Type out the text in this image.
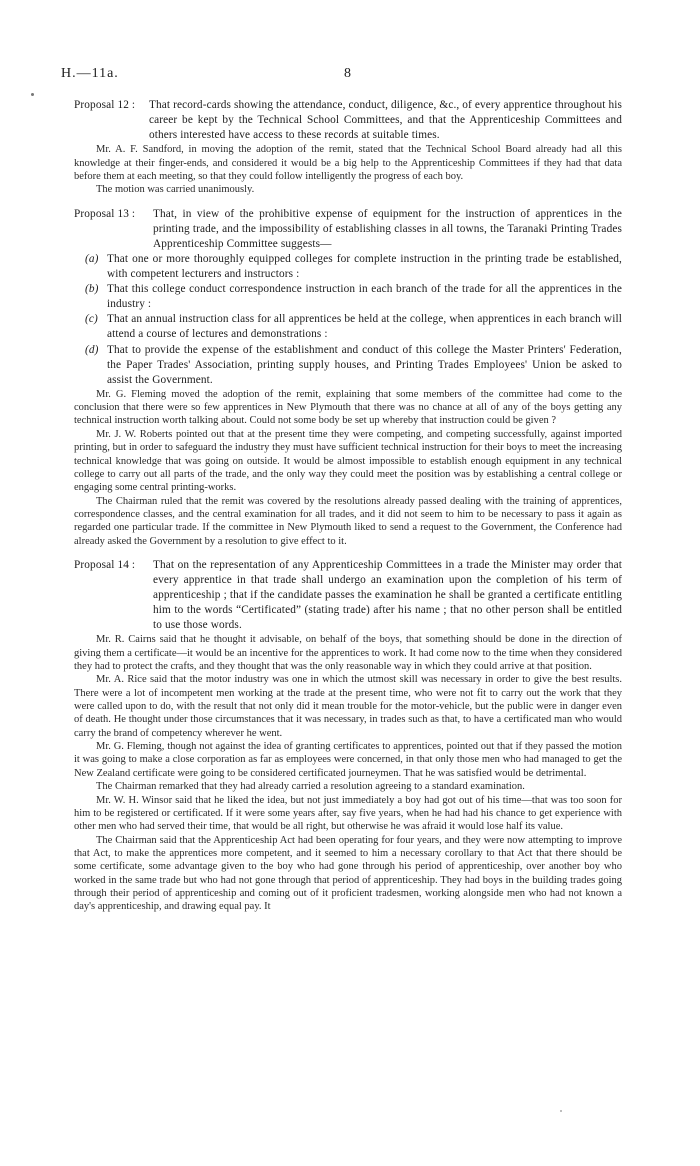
H.—11a.	8
Proposal 12 :	That record-cards showing the attendance, conduct, diligence, &c., of every apprentice throughout his career be kept by the Technical School Committees, and that the Apprenticeship Committees and others interested have access to these records at suitable times.

Mr. A. F. Sandford, in moving the adoption of the remit, stated that the Technical School Board already had all this knowledge at their finger-ends, and considered it would be a big help to the Apprenticeship Committees if they had that data before them at each meeting, so that they could follow intelligently the progress of each boy.

The motion was carried unanimously.

Proposal 13 :	That, in view of the prohibitive expense of equipment for the instruction of apprentices in the printing trade, and the impossibility of establishing classes in all towns, the Taranaki Printing Trades Apprenticeship Committee suggests—
(a) That one or more thoroughly equipped colleges for complete instruction in the printing trade be established, with competent lecturers and instructors :
(b) That this college conduct correspondence instruction in each branch of the trade for all the apprentices in the industry :
(c) That an annual instruction class for all apprentices be held at the college, when apprentices in each branch will attend a course of lectures and demonstrations :
(d) That to provide the expense of the establishment and conduct of this college the Master Printers' Federation, the Paper Trades' Association, printing supply houses, and Printing Trades Employees' Union be asked to assist the Government.

Mr. G. Fleming moved the adoption of the remit, explaining that some members of the committee had come to the conclusion that there were so few apprentices in New Plymouth that there was no chance at all of any of the boys getting any technical instruction worth talking about. Could not some body be set up whereby that instruction could be given ?

Mr. J. W. Roberts pointed out that at the present time they were competing, and competing successfully, against imported printing, but in order to safeguard the industry they must have sufficient technical instruction for their boys to meet the increasing technical knowledge that was going on outside. It would be almost impossible to establish enough equipment in any technical college to carry out all parts of the trade, and the only way they could meet the position was by establishing a central college or engaging some central printing-works.

The Chairman ruled that the remit was covered by the resolutions already passed dealing with the training of apprentices, correspondence classes, and the central examination for all trades, and it did not seem to him to be necessary to pass it again as regarded one particular trade. If the committee in New Plymouth liked to send a request to the Government, the Conference had already asked the Government by a resolution to give effect to it.

Proposal 14 :	That on the representation of any Apprenticeship Committees in a trade the Minister may order that every apprentice in that trade shall undergo an examination upon the completion of his term of apprenticeship ; that if the candidate passes the examination he shall be granted a certificate entitling him to the words “Certificated” (stating trade) after his name ; that no other person shall be entitled to use those words.

Mr. R. Cairns said that he thought it advisable, on behalf of the boys, that something should be done in the direction of giving them a certificate—it would be an incentive for the apprentices to work. It had come now to the time when they considered they had to protect the crafts, and they thought that was the only reasonable way in which they could arrive at that position.

Mr. A. Rice said that the motor industry was one in which the utmost skill was necessary in order to give the best results. There were a lot of incompetent men working at the trade at the present time, who were not fit to carry out the work that they were called upon to do, with the result that not only did it mean trouble for the motor-vehicle, but the public were in danger even of death. He thought under those circumstances that it was necessary, in trades such as that, to have a certificated man who would carry the brand of competency wherever he went.

Mr. G. Fleming, though not against the idea of granting certificates to apprentices, pointed out that if they passed the motion it was going to make a close corporation as far as employees were concerned, in that only those men who had managed to get the New Zealand certificate were going to be considered certificated journeymen. That he was satisfied would be detrimental.

The Chairman remarked that they had already carried a resolution agreeing to a standard examination.

Mr. W. H. Winsor said that he liked the idea, but not just immediately a boy had got out of his time—that was too soon for him to be registered or certificated. If it were some years after, say five years, when he had had his chance to get experience with other men who had served their time, that would be all right, but otherwise he was afraid it would lose half its value.

The Chairman said that the Apprenticeship Act had been operating for four years, and they were now attempting to improve that Act, to make the apprentices more competent, and it seemed to him a necessary corollary to that Act that there should be some certificate, some advantage given to the boy who had gone through his period of apprenticeship, over another boy who worked in the same trade but who had not gone through that period of apprenticeship. They had boys in the building trades going through their period of apprenticeship and coming out of it proficient tradesmen, working alongside men who had not known a day's apprenticeship, and drawing equal pay. It
